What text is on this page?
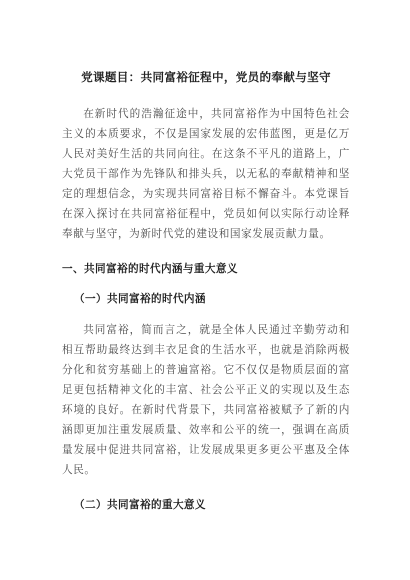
党课题目：共同富裕征程中，党员的奉献与坚守

在新时代的浩瀚征途中，共同富裕作为中国特色社会主义的本质要求，不仅是国家发展的宏伟蓝图，更是亿万人民对美好生活的共同向往。在这条不平凡的道路上，广大党员干部作为先锋队和排头兵，以无私的奉献精神和坚定的理想信念，为实现共同富裕目标不懈奋斗。本党课旨在深入探讨在共同富裕征程中，党员如何以实际行动诠释奉献与坚守，为新时代党的建设和国家发展贡献力量。

一、共同富裕的时代内涵与重大意义
（一）共同富裕的时代内涵

共同富裕，简而言之，就是全体人民通过辛勤劳动和相互帮助最终达到丰衣足食的生活水平，也就是消除两极分化和贫穷基础上的普遍富裕。它不仅仅是物质层面的富足更包括精神文化的丰富、社会公平正义的实现以及生态环境的良好。在新时代背景下，共同富裕被赋予了新的内涵即更加注重发展质量、效率和公平的统一，强调在高质量发展中促进共同富裕，让发展成果更多更公平惠及全体人民。

（二）共同富裕的重大意义
